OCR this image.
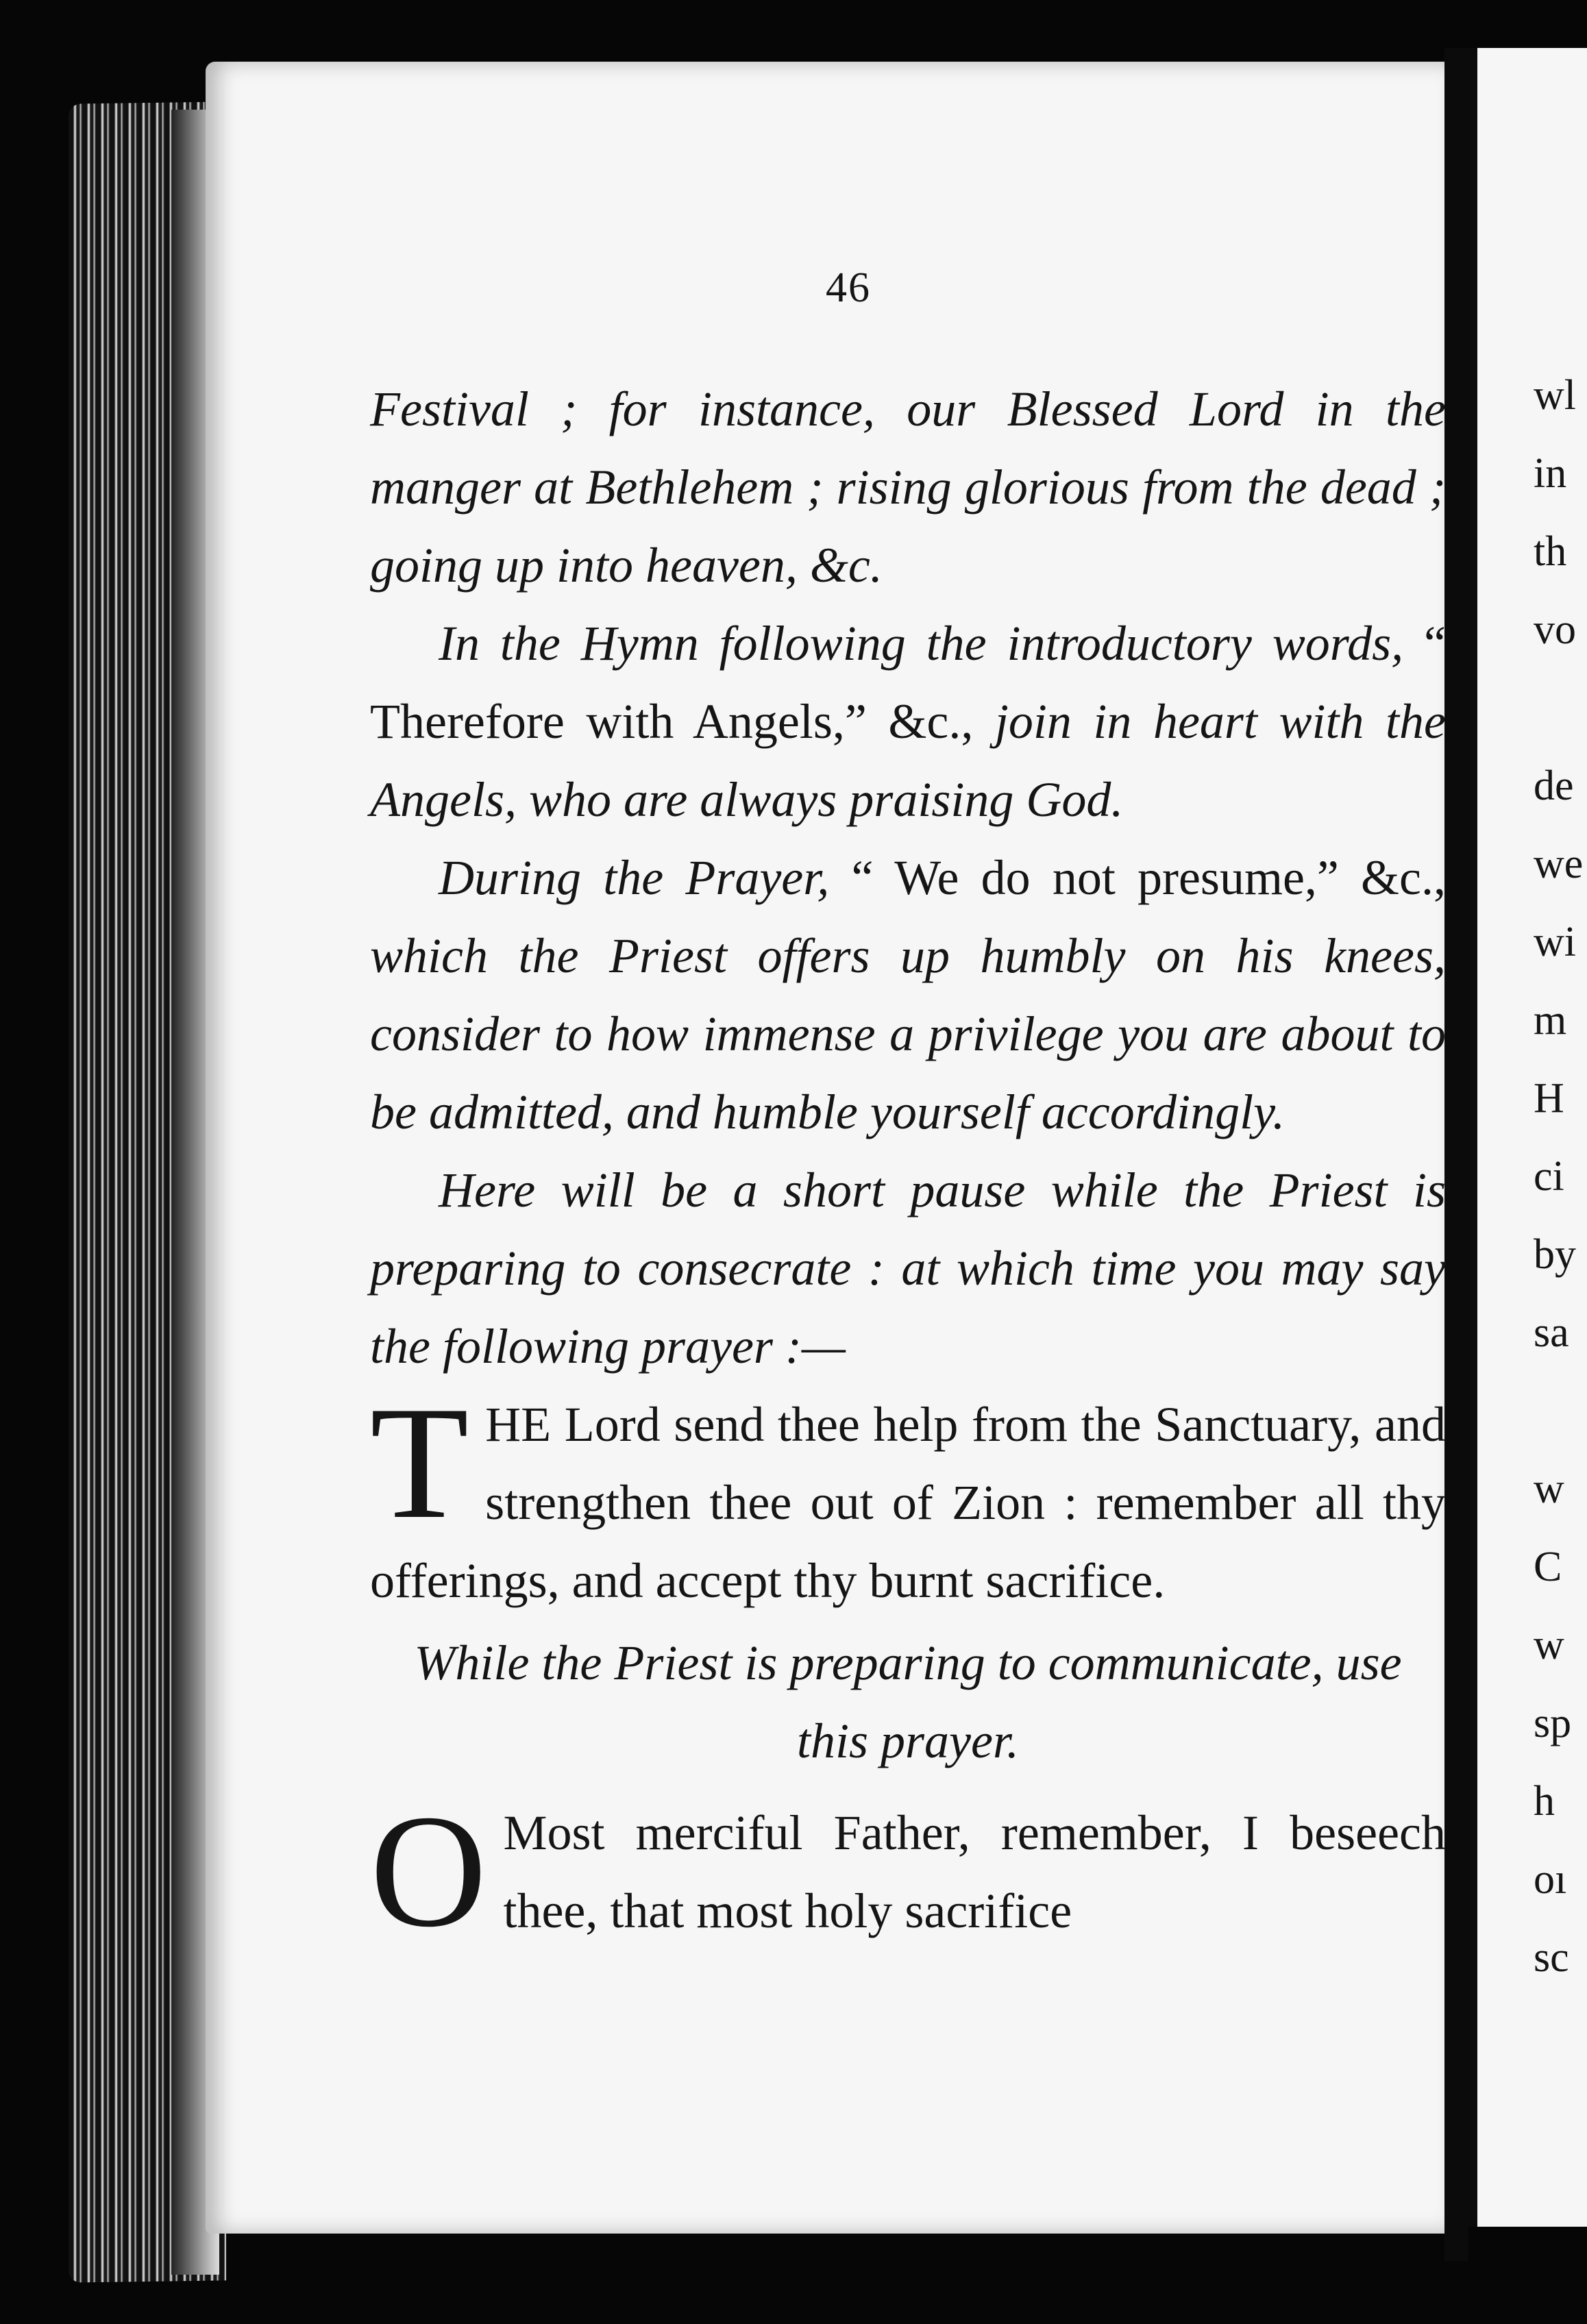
46

Festival ; for instance, our Blessed Lord in the manger at Bethlehem ; rising glorious from the dead ; going up into heaven, &c.

In the Hymn following the introductory words, “ Therefore with Angels,” &c., join in heart with the Angels, who are always praising God.

During the Prayer, “ We do not presume,” &c., which the Priest offers up humbly on his knees, consider to how immense a privilege you are about to be admitted, and humble yourself accordingly.

Here will be a short pause while the Priest is preparing to consecrate : at which time you may say the following prayer :—

T HE Lord send thee help from the Sanctuary, and strengthen thee out of Zion : remember all thy offerings, and accept thy burnt sacrifice.

While the Priest is preparing to communicate, use this prayer.

O Most merciful Father, remember, I beseech thee, that most holy sacrifice

wl
in
th
vo
de
we
wi
m
H
ci
by
sa
w
C
w
sp
h
oı
sc
